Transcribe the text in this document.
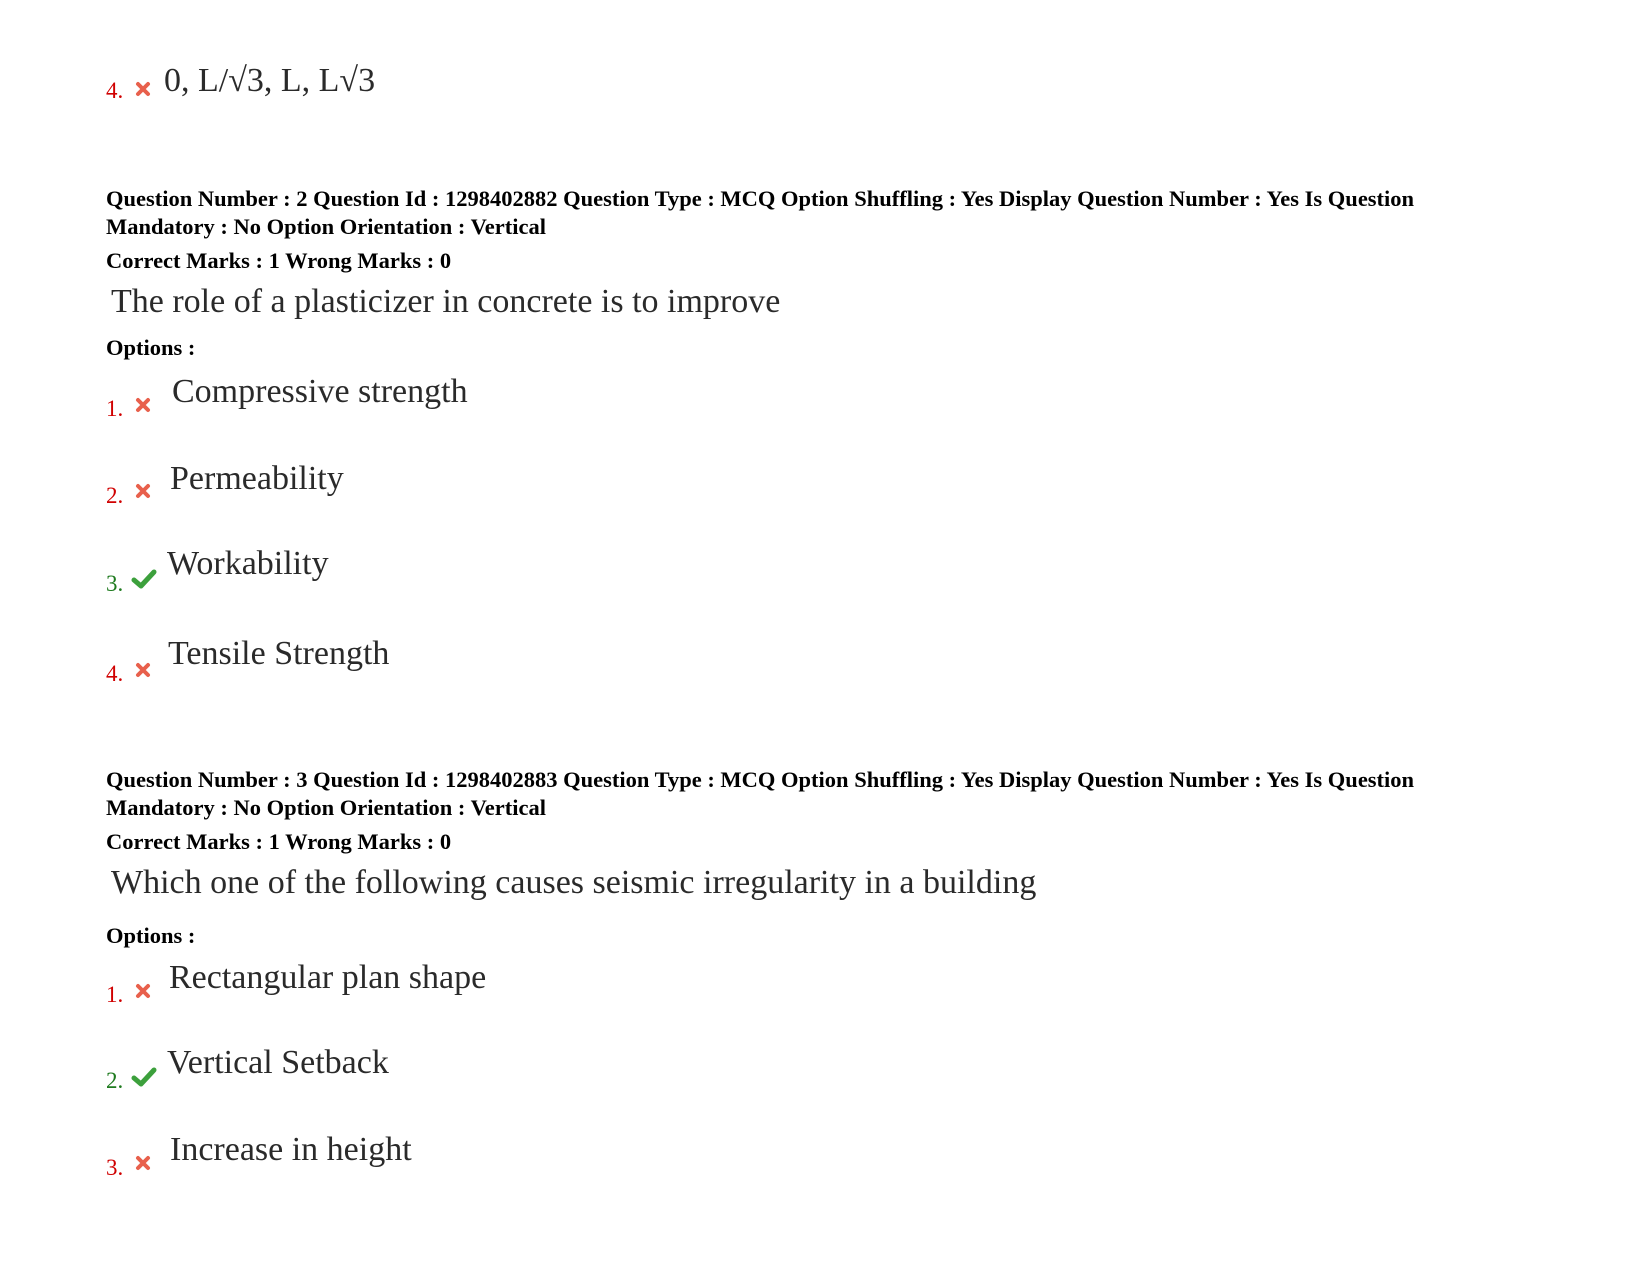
4. 0, L/√3, L, L√3
Question Number : 2 Question Id : 1298402882 Question Type : MCQ Option Shuffling : Yes Display Question Number : Yes Is Question
Mandatory : No Option Orientation : Vertical
Correct Marks : 1 Wrong Marks : 0
The role of a plasticizer in concrete is to improve
Options :
1. Compressive strength
2. Permeability
3.
Workability
4.
Tensile Strength
Question Number : 3 Question Id : 1298402883 Question Type : MCQ Option Shuffling : Yes Display Question Number : Yes Is Question
Mandatory : No Option Orientation : Vertical
Correct Marks : 1 Wrong Marks : 0
Which one of the following causes seismic irregularity in a building
Options :
1. Rectangular plan shape
2. Vertical Setback
3. Increase in height
